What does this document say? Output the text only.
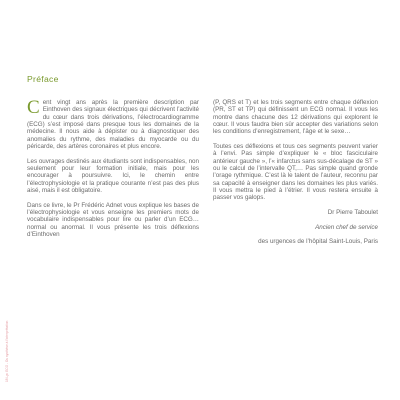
18 Lyc ECG - Ou synthèse à l'interprétation
Préface

Cent vingt ans après la première description par Einthoven des signaux électriques qui décrivent l’activité du cœur dans trois dérivations, l’électrocardiogramme (ECG) s’est imposé dans presque tous les domaines de la médecine. Il nous aide à dépister ou à diagnostiquer des anomalies du rythme, des maladies du myocarde ou du péricarde, des artères coronaires et plus encore.

Les ouvrages destinés aux étudiants sont indispensables, non seulement pour leur formation initiale, mais pour les encourager à poursuivre. Ici, le chemin entre l’électrophysiologie et la pratique courante n’est pas des plus aisé, mais il est obligatoire.

Dans ce livre, le Pr Frédéric Adnet vous explique les bases de l’électrophysiologie et vous enseigne les premiers mots de vocabulaire indispensables pour lire ou parler d’un ECG… normal ou anormal. Il vous présente les trois déflexions d’Einthoven

(P, QRS et T) et les trois segments entre chaque déflexion (PR, ST et TP) qui définissent un ECG normal. Il vous les montre dans chacune des 12 dérivations qui explorent le cœur. Il vous faudra bien sûr accepter des variations selon les conditions d’enregistrement, l’âge et le sexe…

Toutes ces déflexions et tous ces segments peuvent varier à l’envi. Pas simple d’expliquer le « bloc fasciculaire antérieur gauche », l’« infarctus sans sus-décalage de ST » ou le calcul de l’intervalle QT,… Pas simple quand gronde l’orage rythmique. C’est là le talent de l’auteur, reconnu par sa capacité à enseigner dans les domaines les plus variés. Il vous mettra le pied à l’étrier. Il vous restera ensuite à passer vos galops.

Dr Pierre Taboulet

Ancien chef de service

des urgences de l’hôpital Saint-Louis, Paris
